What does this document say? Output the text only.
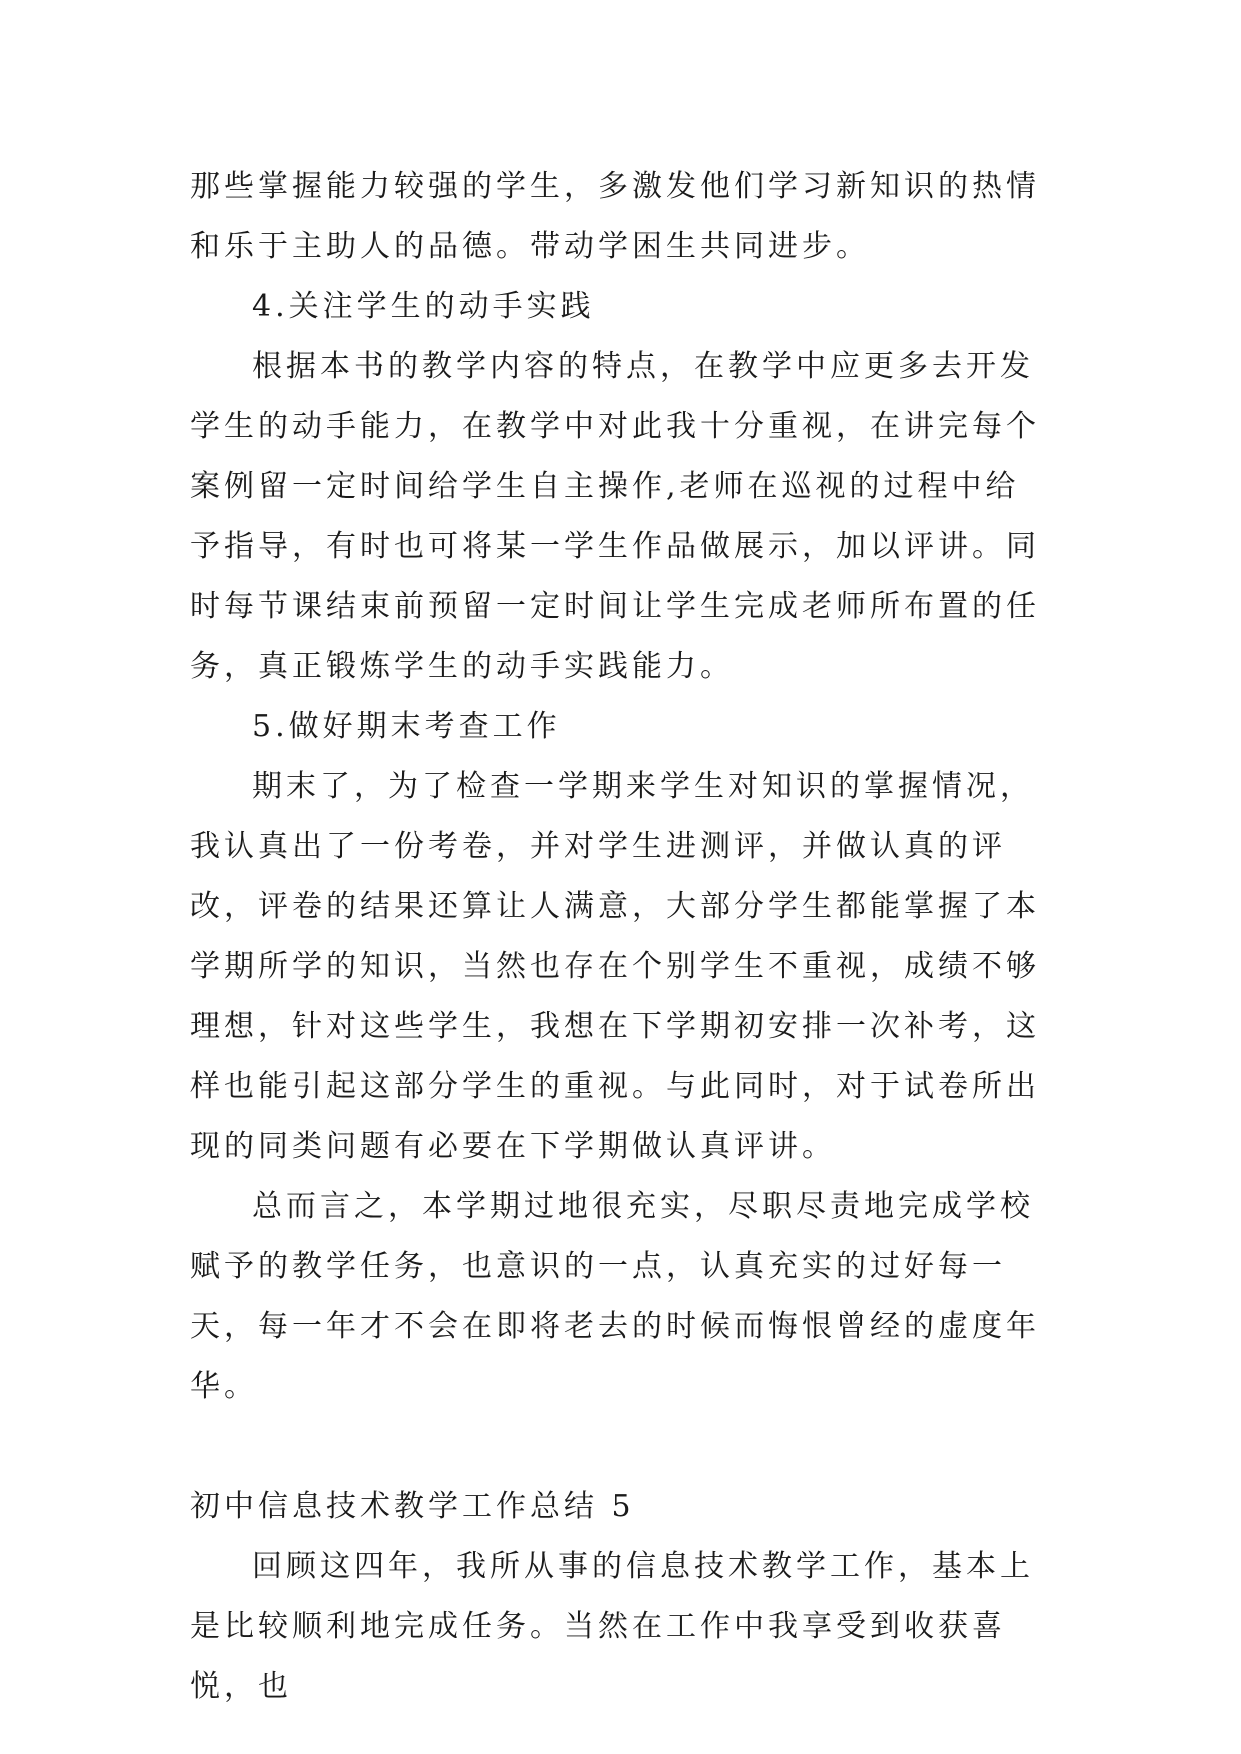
那些掌握能力较强的学生，多激发他们学习新知识的热情和乐于主助人的品德。带动学困生共同进步。

4.关注学生的动手实践

根据本书的教学内容的特点，在教学中应更多去开发学生的动手能力，在教学中对此我十分重视，在讲完每个案例留一定时间给学生自主操作,老师在巡视的过程中给予指导，有时也可将某一学生作品做展示，加以评讲。同时每节课结束前预留一定时间让学生完成老师所布置的任务，真正锻炼学生的动手实践能力。

5.做好期末考查工作

期末了，为了检查一学期来学生对知识的掌握情况，我认真出了一份考卷，并对学生进测评，并做认真的评改，评卷的结果还算让人满意，大部分学生都能掌握了本学期所学的知识，当然也存在个别学生不重视，成绩不够理想，针对这些学生，我想在下学期初安排一次补考，这样也能引起这部分学生的重视。与此同时，对于试卷所出现的同类问题有必要在下学期做认真评讲。

总而言之，本学期过地很充实，尽职尽责地完成学校赋予的教学任务，也意识的一点，认真充实的过好每一天，每一年才不会在即将老去的时候而悔恨曾经的虚度年华。

初中信息技术教学工作总结 5

回顾这四年，我所从事的信息技术教学工作，基本上是比较顺利地完成任务。当然在工作中我享受到收获喜悦，也
